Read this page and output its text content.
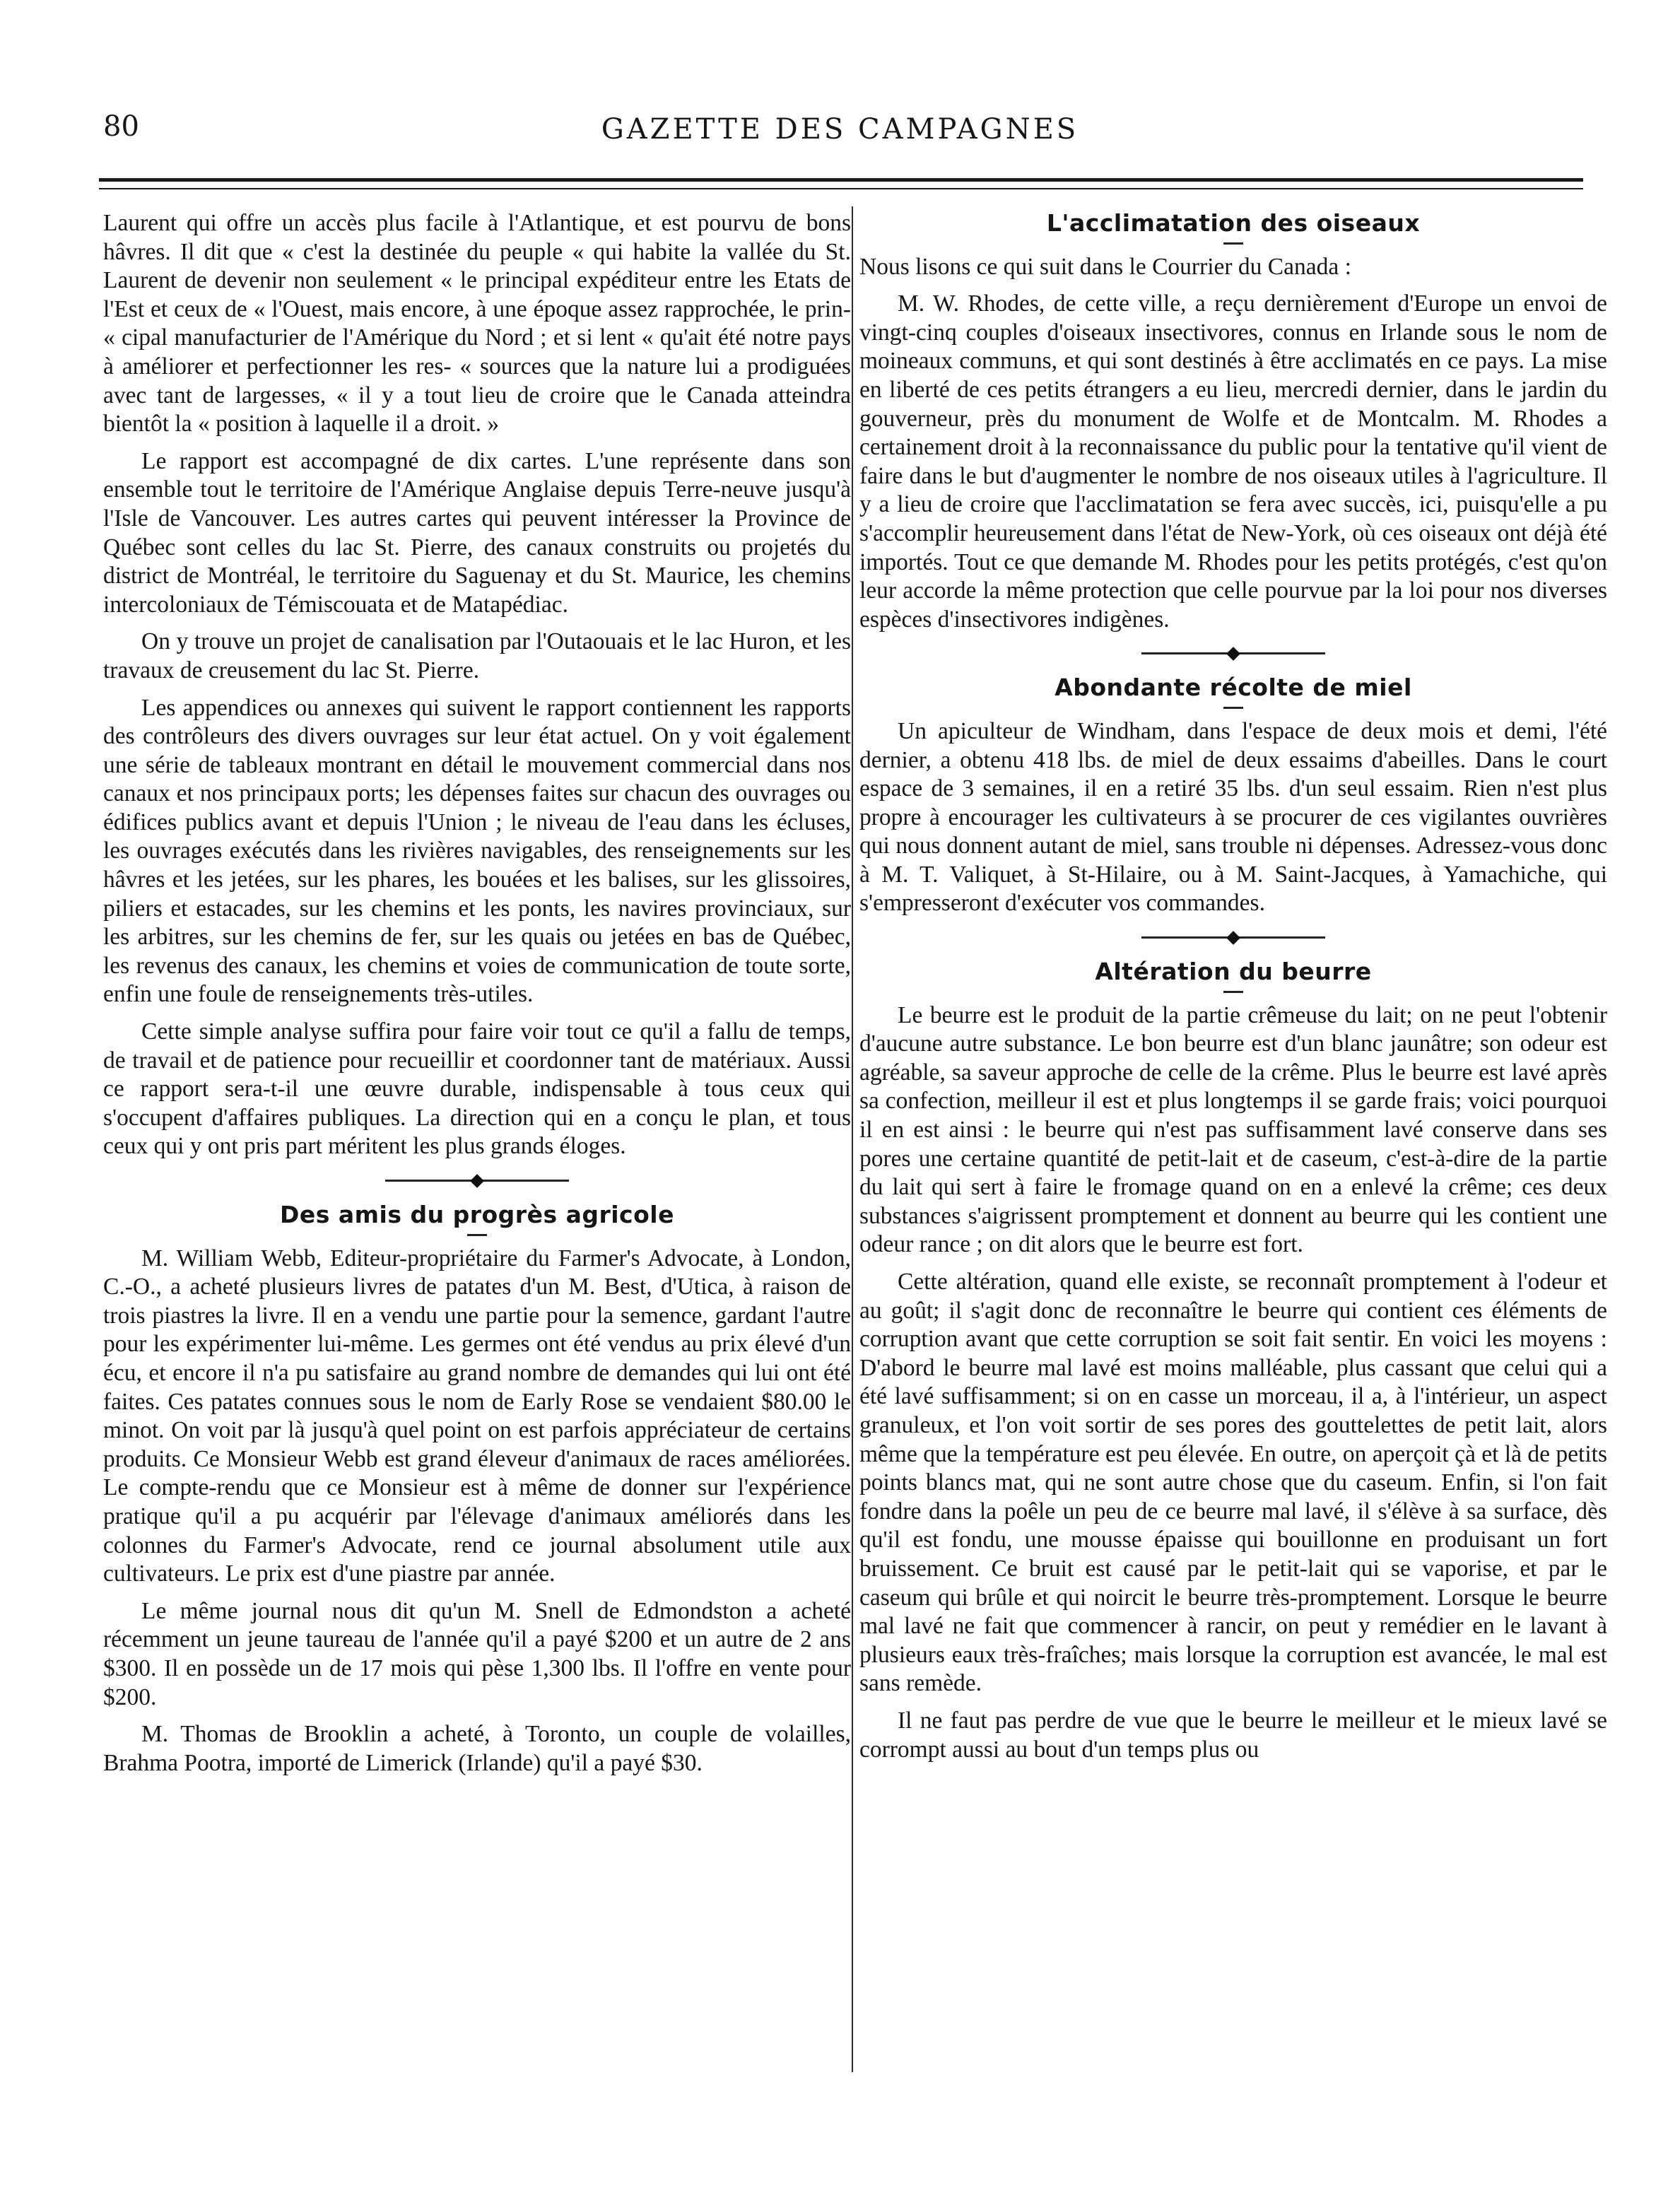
80	GAZETTE DES CAMPAGNES

Laurent qui offre un accès plus facile à l'Atlantique, et est pourvu de bons hâvres. Il dit que « c'est la destinée du peuple « qui habite la vallée du St. Laurent de devenir non seulement « le principal expéditeur entre les Etats de l'Est et ceux de « l'Ouest, mais encore, à une époque assez rapprochée, le prin- « cipal manufacturier de l'Amérique du Nord ; et si lent « qu'ait été notre pays à améliorer et perfectionner les res- « sources que la nature lui a prodiguées avec tant de largesses, « il y a tout lieu de croire que le Canada atteindra bientôt la « position à laquelle il a droit. »

Le rapport est accompagné de dix cartes. L'une représente dans son ensemble tout le territoire de l'Amérique Anglaise depuis Terre-neuve jusqu'à l'Isle de Vancouver. Les autres cartes qui peuvent intéresser la Province de Québec sont celles du lac St. Pierre, des canaux construits ou projetés du district de Montréal, le territoire du Saguenay et du St. Maurice, les chemins intercoloniaux de Témiscouata et de Matapédiac.

On y trouve un projet de canalisation par l'Outaouais et le lac Huron, et les travaux de creusement du lac St. Pierre.

Les appendices ou annexes qui suivent le rapport contiennent les rapports des contrôleurs des divers ouvrages sur leur état actuel. On y voit également une série de tableaux montrant en détail le mouvement commercial dans nos canaux et nos principaux ports; les dépenses faites sur chacun des ouvrages ou édifices publics avant et depuis l'Union ; le niveau de l'eau dans les écluses, les ouvrages exécutés dans les rivières navigables, des renseignements sur les hâvres et les jetées, sur les phares, les bouées et les balises, sur les glissoires, piliers et estacades, sur les chemins et les ponts, les navires provinciaux, sur les arbitres, sur les chemins de fer, sur les quais ou jetées en bas de Québec, les revenus des canaux, les chemins et voies de communication de toute sorte, enfin une foule de renseignements très-utiles.

Cette simple analyse suffira pour faire voir tout ce qu'il a fallu de temps, de travail et de patience pour recueillir et coordonner tant de matériaux. Aussi ce rapport sera-t-il une œuvre durable, indispensable à tous ceux qui s'occupent d'affaires publiques. La direction qui en a conçu le plan, et tous ceux qui y ont pris part méritent les plus grands éloges.

Des amis du progrès agricole

M. William Webb, Editeur-propriétaire du Farmer's Advocate, à London, C.-O., a acheté plusieurs livres de patates d'un M. Best, d'Utica, à raison de trois piastres la livre. Il en a vendu une partie pour la semence, gardant l'autre pour les expérimenter lui-même. Les germes ont été vendus au prix élevé d'un écu, et encore il n'a pu satisfaire au grand nombre de demandes qui lui ont été faites. Ces patates connues sous le nom de Early Rose se vendaient $80.00 le minot. On voit par là jusqu'à quel point on est parfois appréciateur de certains produits. Ce Monsieur Webb est grand éleveur d'animaux de races améliorées. Le compte-rendu que ce Monsieur est à même de donner sur l'expérience pratique qu'il a pu acquérir par l'élevage d'animaux améliorés dans les colonnes du Farmer's Advocate, rend ce journal absolument utile aux cultivateurs. Le prix est d'une piastre par année.

Le même journal nous dit qu'un M. Snell de Edmondston a acheté récemment un jeune taureau de l'année qu'il a payé $200 et un autre de 2 ans $300. Il en possède un de 17 mois qui pèse 1,300 lbs. Il l'offre en vente pour $200.

M. Thomas de Brooklin a acheté, à Toronto, un couple de volailles, Brahma Pootra, importé de Limerick (Irlande) qu'il a payé $30.

L'acclimatation des oiseaux

Nous lisons ce qui suit dans le Courrier du Canada :

M. W. Rhodes, de cette ville, a reçu dernièrement d'Europe un envoi de vingt-cinq couples d'oiseaux insectivores, connus en Irlande sous le nom de moineaux communs, et qui sont destinés à être acclimatés en ce pays. La mise en liberté de ces petits étrangers a eu lieu, mercredi dernier, dans le jardin du gouverneur, près du monument de Wolfe et de Montcalm. M. Rhodes a certainement droit à la reconnaissance du public pour la tentative qu'il vient de faire dans le but d'augmenter le nombre de nos oiseaux utiles à l'agriculture. Il y a lieu de croire que l'acclimatation se fera avec succès, ici, puisqu'elle a pu s'accomplir heureusement dans l'état de New-York, où ces oiseaux ont déjà été importés. Tout ce que demande M. Rhodes pour les petits protégés, c'est qu'on leur accorde la même protection que celle pourvue par la loi pour nos diverses espèces d'insectivores indigènes.

Abondante récolte de miel

Un apiculteur de Windham, dans l'espace de deux mois et demi, l'été dernier, a obtenu 418 lbs. de miel de deux essaims d'abeilles. Dans le court espace de 3 semaines, il en a retiré 35 lbs. d'un seul essaim. Rien n'est plus propre à encourager les cultivateurs à se procurer de ces vigilantes ouvrières qui nous donnent autant de miel, sans trouble ni dépenses. Adressez-vous donc à M. T. Valiquet, à St-Hilaire, ou à M. Saint-Jacques, à Yamachiche, qui s'empresseront d'exécuter vos commandes.

Altération du beurre

Le beurre est le produit de la partie crêmeuse du lait; on ne peut l'obtenir d'aucune autre substance. Le bon beurre est d'un blanc jaunâtre; son odeur est agréable, sa saveur approche de celle de la crême. Plus le beurre est lavé après sa confection, meilleur il est et plus longtemps il se garde frais; voici pourquoi il en est ainsi : le beurre qui n'est pas suffisamment lavé conserve dans ses pores une certaine quantité de petit-lait et de caseum, c'est-à-dire de la partie du lait qui sert à faire le fromage quand on en a enlevé la crême; ces deux substances s'aigrissent promptement et donnent au beurre qui les contient une odeur rance ; on dit alors que le beurre est fort.

Cette altération, quand elle existe, se reconnaît promptement à l'odeur et au goût; il s'agit donc de reconnaître le beurre qui contient ces éléments de corruption avant que cette corruption se soit fait sentir. En voici les moyens : D'abord le beurre mal lavé est moins malléable, plus cassant que celui qui a été lavé suffisamment; si on en casse un morceau, il a, à l'intérieur, un aspect granuleux, et l'on voit sortir de ses pores des gouttelettes de petit lait, alors même que la température est peu élevée. En outre, on aperçoit çà et là de petits points blancs mat, qui ne sont autre chose que du caseum. Enfin, si l'on fait fondre dans la poêle un peu de ce beurre mal lavé, il s'élève à sa surface, dès qu'il est fondu, une mousse épaisse qui bouillonne en produisant un fort bruissement. Ce bruit est causé par le petit-lait qui se vaporise, et par le caseum qui brûle et qui noircit le beurre très-promptement. Lorsque le beurre mal lavé ne fait que commencer à rancir, on peut y remédier en le lavant à plusieurs eaux très-fraîches; mais lorsque la corruption est avancée, le mal est sans remède.

Il ne faut pas perdre de vue que le beurre le meilleur et le mieux lavé se corrompt aussi au bout d'un temps plus ou
